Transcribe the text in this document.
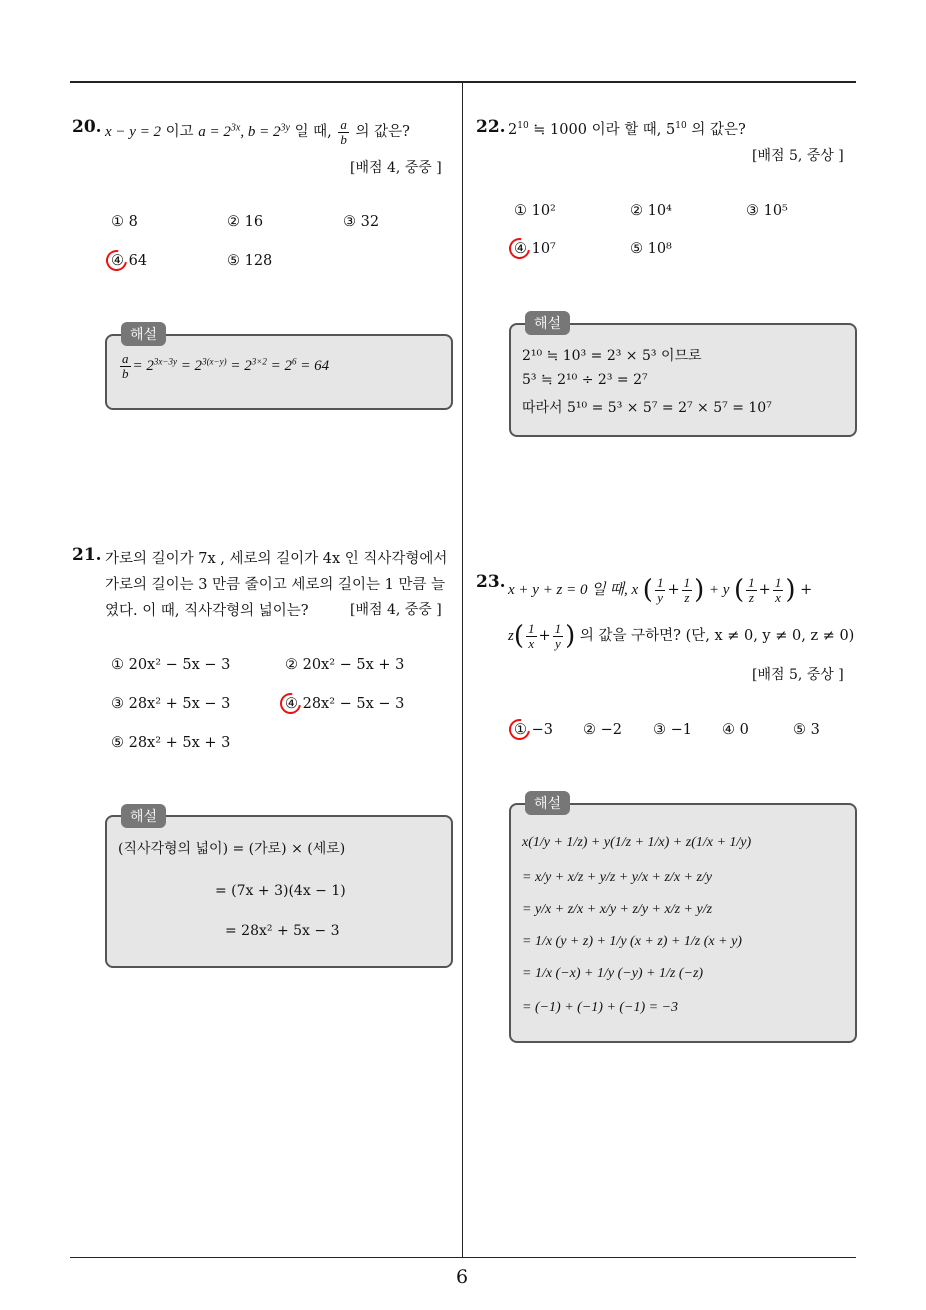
6
20. x − y = 2 이고 $a = 2^{3x}$, $b = 2^{3y}$ 일 때, $\frac{a}{b}$ 의 값은?
[배점 4, 중중 ]
① 8	② 16	③ 32
④ 64	⑤ 128
해설
$\frac{a}{b} = 2^{3x-3y} = 2^{3(x-y)} = 2^{3\times 2} = 2^6 = 64$
21. 가로의 길이가 7x , 세로의 길이가 4x 인 직사각형에서
가로의 길이는 3 만큼 줄이고 세로의 길이는 1 만큼 늘
였다. 이 때, 직사각형의 넓이는?	[배점 4, 중중 ]
① 20x² − 5x − 3	② 20x² − 5x + 3
③ 28x² + 5x − 3	④ 28x² − 5x − 3
⑤ 28x² + 5x + 3
해설
(직사각형의 넓이) = (가로) × (세로)
= (7x + 3)(4x − 1)
= 28x² + 5x − 3
22. $2^{10}$ ≒ 1000 이라 할 때, $5^{10}$ 의 값은?
[배점 5, 중상 ]
① 10²	② 10⁴	③ 10⁵
④ 10⁷	⑤ 10⁸
해설
2¹⁰ ≒ 10³ = 2³ × 5³ 이므로
5³ ≒ 2¹⁰ ÷ 2³ = 2⁷
따라서 5¹⁰ = 5³ × 5⁷ = 2⁷ × 5⁷ = 10⁷
23. x + y + z = 0 일 때, x ( $\frac{1}{y} + \frac{1}{z}$ ) + y ( $\frac{1}{z} + \frac{1}{x}$ ) +
$z( \frac{1}{x} + \frac{1}{y}$ ) 의 값을 구하면? (단, x ≠ 0, y ≠ 0, z ≠ 0)
[배점 5, 중상 ]
① −3 ② −2 ③ −1 ④ 0	⑤ 3
해설
x(1/y + 1/z) + y(1/z + 1/x) + z(1/x + 1/y)
= x/y + x/z + y/z + y/x + z/x + z/y
= y/x + z/x + x/y + z/y + x/z + y/z
= 1/x (y + z) + 1/y (x + z) + 1/z (x + y)
= 1/x (−x) + 1/y (−y) + 1/z (−z)
= (−1) + (−1) + (−1) = −3
